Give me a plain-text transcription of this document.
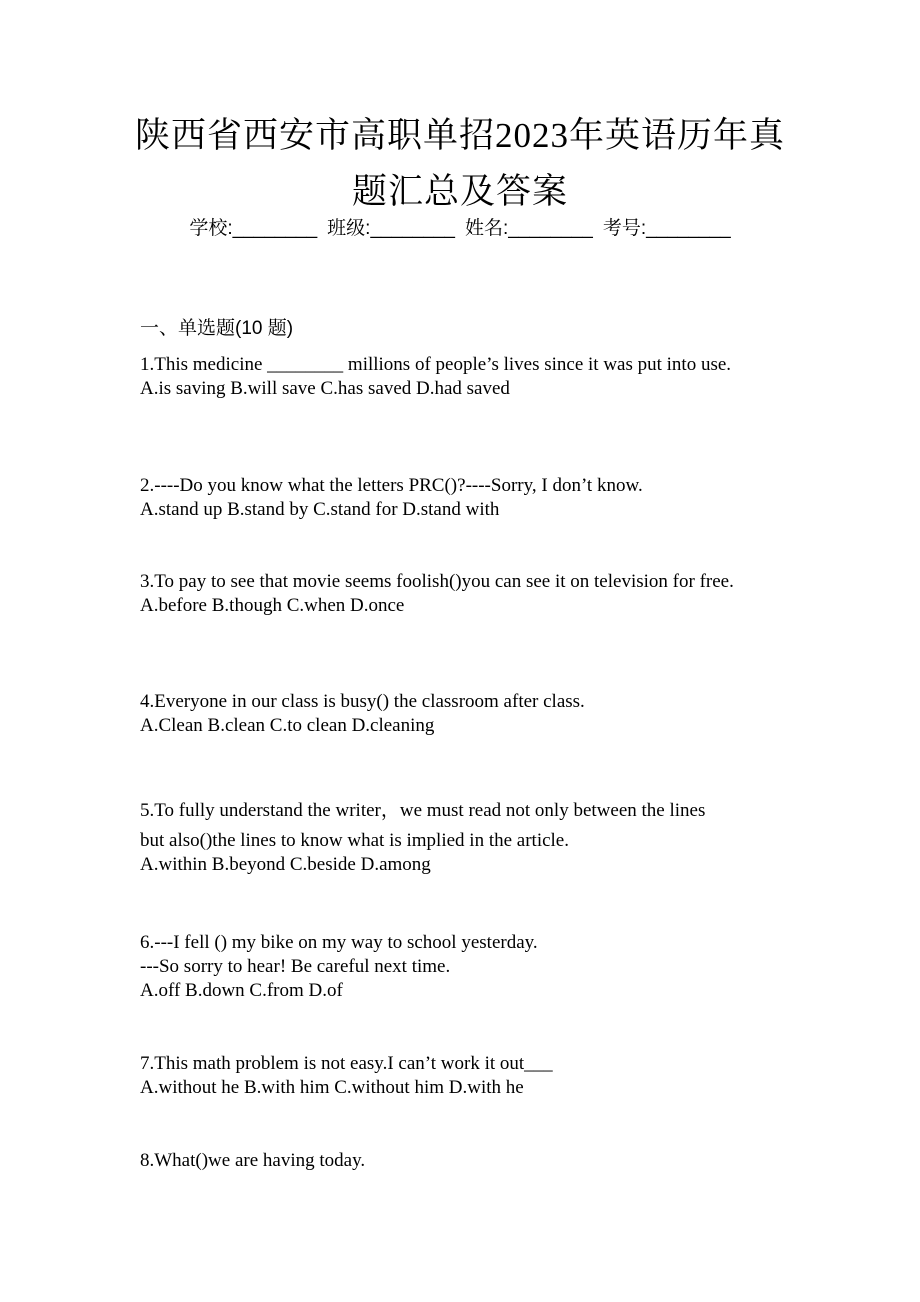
陕西省西安市高职单招2023年英语历年真题汇总及答案
学校:________ 班级:________ 姓名:________ 考号:________
一、单选题(10 题)
1.This medicine ________ millions of people’s lives since it was put into use.
A.is saving B.will save C.has saved D.had saved
2.----Do you know what the letters PRC()?----Sorry, I don’t know.
A.stand up B.stand by C.stand for D.stand with
3.To pay to see that movie seems foolish()you can see it on television for free.
A.before B.though C.when D.once
4.Everyone in our class is busy() the classroom after class.
A.Clean B.clean C.to clean D.cleaning
5.To fully understand the writer，we must read not only between the lines
but also()the lines to know what is implied in the article.
A.within B.beyond C.beside D.among
6.---I fell () my bike on my way to school yesterday.
---So sorry to hear! Be careful next time.
A.off B.down C.from D.of
7.This math problem is not easy.I can’t work it out___
A.without he B.with him C.without him D.with he
8.What()we are having today.
